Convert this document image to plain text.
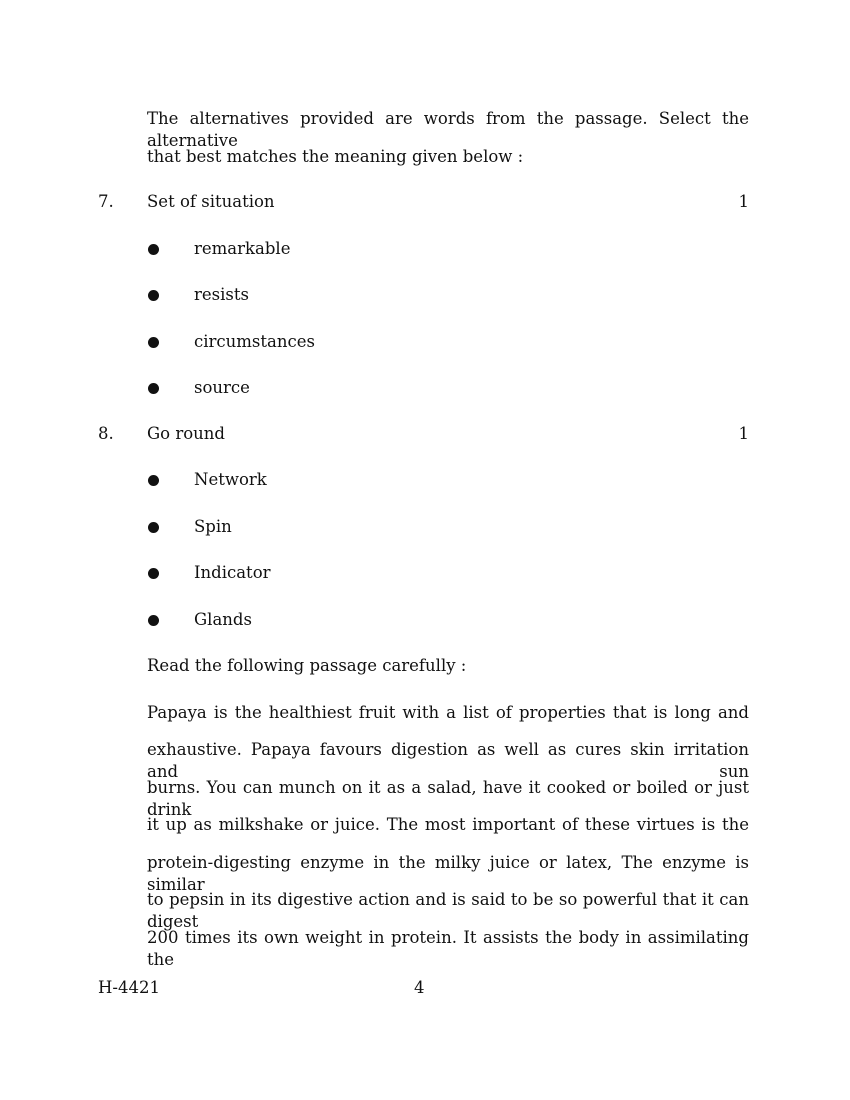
The alternatives provided are words from the passage. Select the alternative
that best matches the meaning given below :
7. Set of situation	1
remarkable
resists
circumstances
source
8. Go round	1
Network
Spin
Indicator
Glands
Read the following passage carefully :
Papaya is the healthiest fruit with a list of properties that is long and
exhaustive. Papaya favours digestion as well as cures skin irritation and sun
burns. You can munch on it as a salad, have it cooked or boiled or just drink
it up as milkshake or juice. The most important of these virtues is the
protein-digesting enzyme in the milky juice or latex, The enzyme is similar
to pepsin in its digestive action and is said to be so powerful that it can digest
200 times its own weight in protein. It assists the body in assimilating the
H-4421	4
